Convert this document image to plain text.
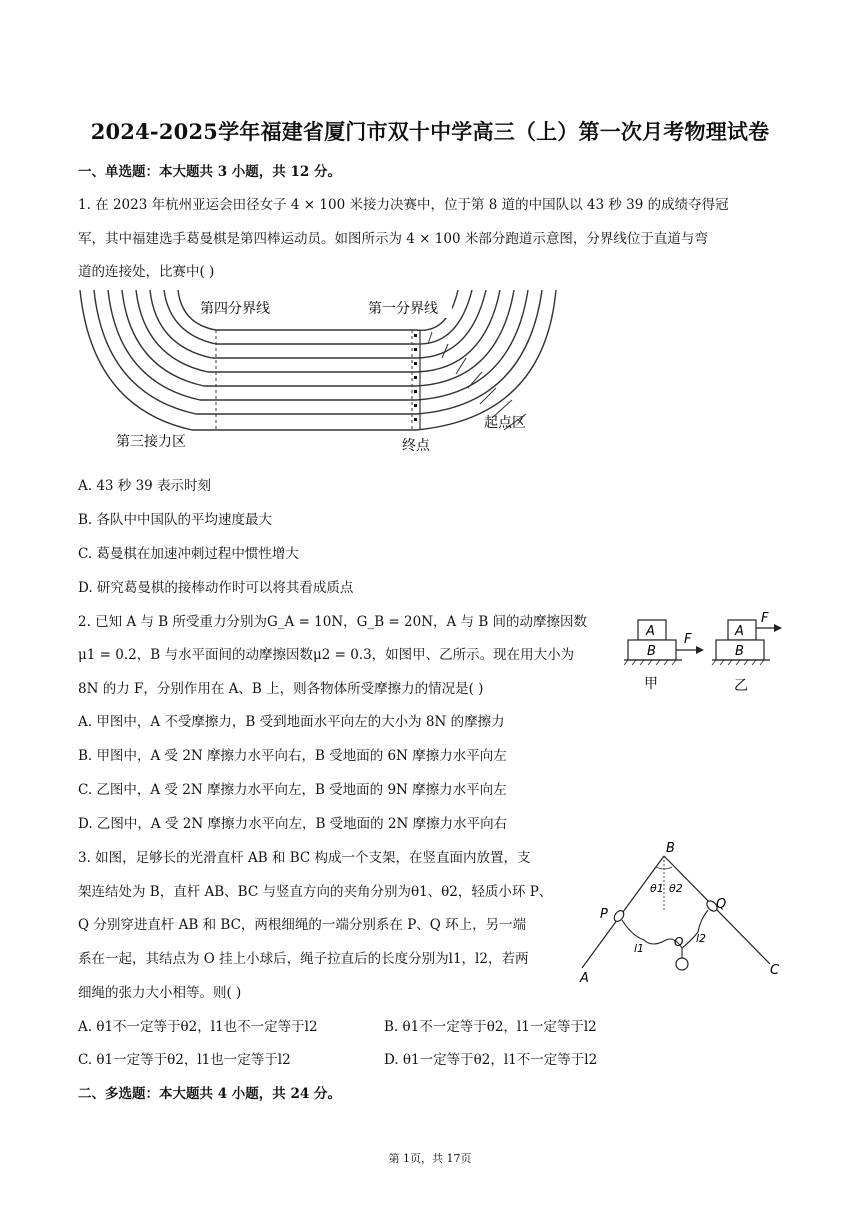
2024-2025学年福建省厦门市双十中学高三（上）第一次月考物理试卷
一、单选题：本大题共 3 小题，共 12 分。
1. 在 2023 年杭州亚运会田径女子 4 × 100 米接力决赛中，位于第 8 道的中国队以 43 秒 39 的成绩夺得冠
军，其中福建选手葛曼棋是第四棒运动员。如图所示为 4 × 100 米部分跑道示意图，分界线位于直道与弯
道的连接处，比赛中( )
第四分界线	第一分界线
第三接力区	终点
起点区
A. 43 秒 39 表示时刻
B. 各队中中国队的平均速度最大
C. 葛曼棋在加速冲刺过程中惯性增大
D. 研究葛曼棋的接棒动作时可以将其看成质点
2. 已知 A 与 B 所受重力分别为G_A = 10N，G_B = 20N，A 与 B 间的动摩擦因数
μ1 = 0.2，B 与水平面间的动摩擦因数μ2 = 0.3，如图甲、乙所示。现在用大小为
8N 的力 F，分别作用在 A、B 上，则各物体所受摩擦力的情况是( )
A
B
F
甲
A
B
F
乙
A. 甲图中，A 不受摩擦力，B 受到地面水平向左的大小为 8N 的摩擦力
B. 甲图中，A 受 2N 摩擦力水平向右，B 受地面的 6N 摩擦力水平向左
C. 乙图中，A 受 2N 摩擦力水平向左，B 受地面的 9N 摩擦力水平向左
D. 乙图中，A 受 2N 摩擦力水平向左，B 受地面的 2N 摩擦力水平向右
3. 如图，足够长的光滑直杆 AB 和 BC 构成一个支架，在竖直面内放置，支
架连结处为 B，直杆 AB、BC 与竖直方向的夹角分别为θ1、θ2，轻质小环 P、
Q 分别穿进直杆 AB 和 BC，两根细绳的一端分别系在 P、Q 环上，另一端
系在一起，其结点为 O 挂上小球后，绳子拉直后的长度分别为l1，l2，若两
细绳的张力大小相等。则( )
B
θ1 θ2
P
Q
O
l1
l2
A
C
A. θ1不一定等于θ2，l1也不一定等于l2	B. θ1不一定等于θ2，l1一定等于l2
C. θ1一定等于θ2，l1也一定等于l2	D. θ1一定等于θ2，l1不一定等于l2
二、多选题：本大题共 4 小题，共 24 分。
第 1页，共 17页
